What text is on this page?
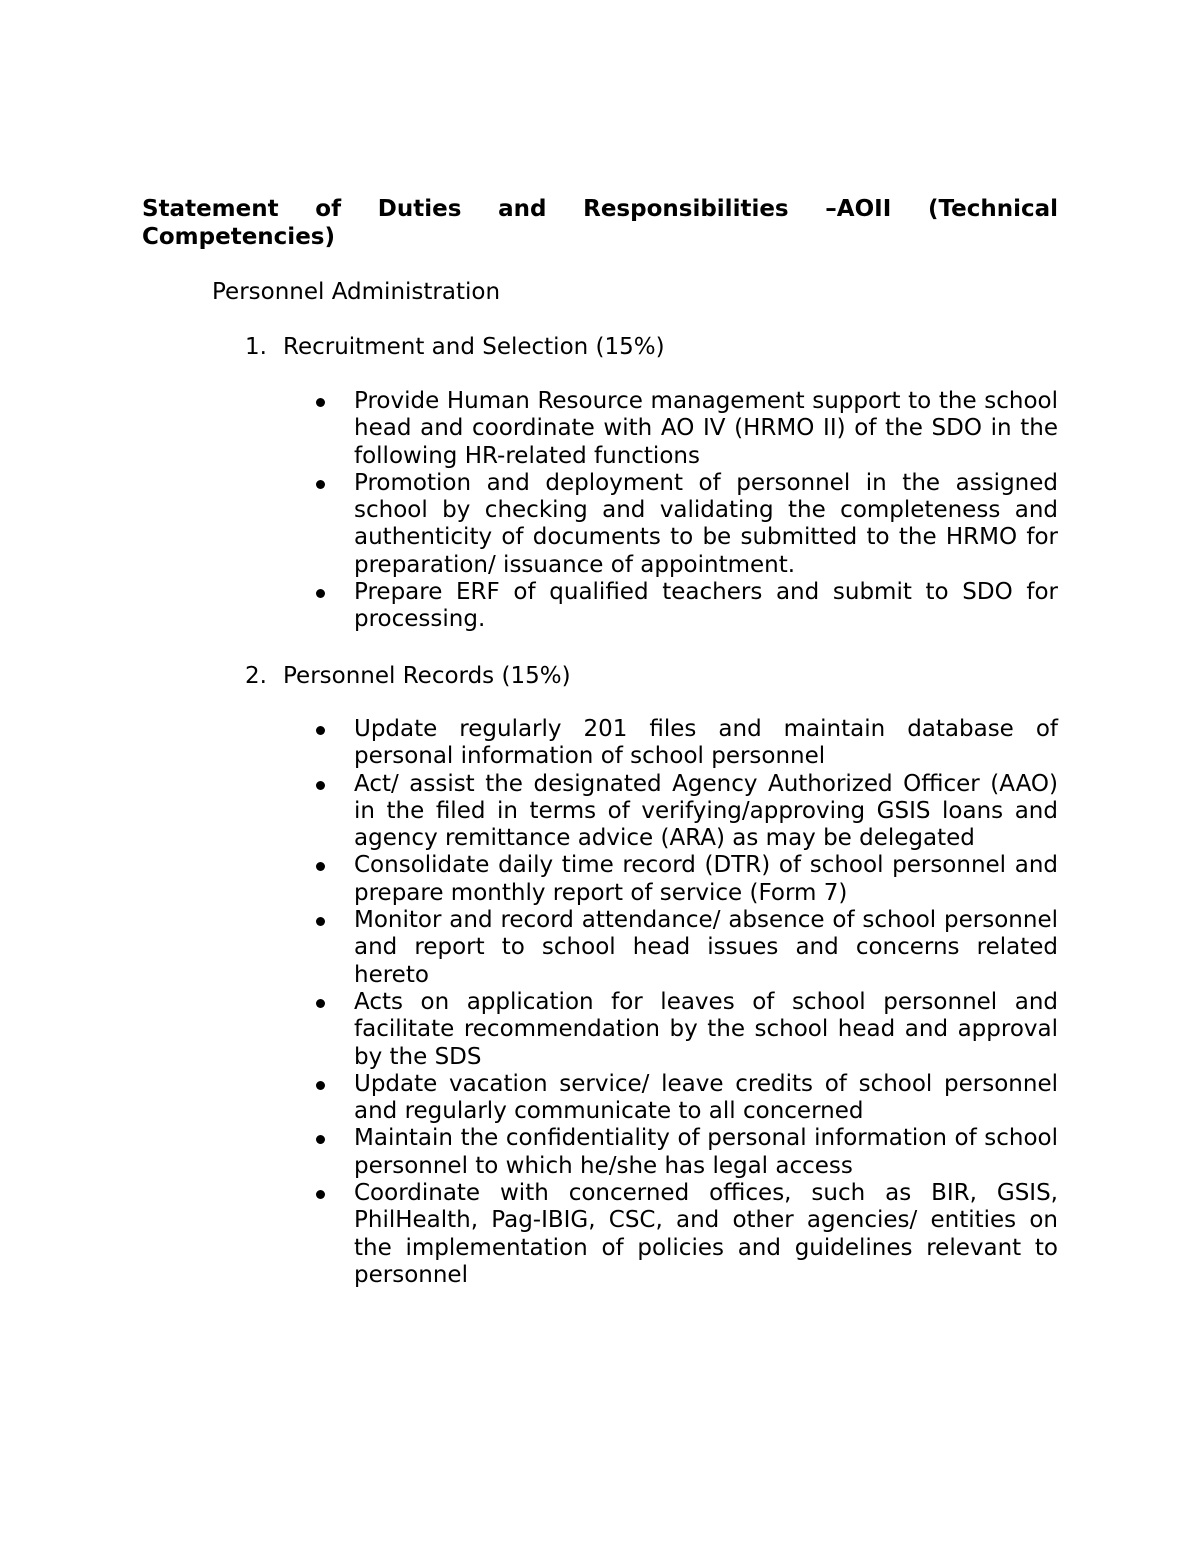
Statement of Duties and Responsibilities –AOII (Technical Competencies)

Personnel Administration

1. Recruitment and Selection (15%)

Provide Human Resource management support to the school head and coordinate with AO IV (HRMO II) of the SDO in the following HR-related functions
Promotion and deployment of personnel in the assigned school by checking and validating the completeness and authenticity of documents to be submitted to the HRMO for preparation/ issuance of appointment.
Prepare ERF of qualified teachers and submit to SDO for processing.

2. Personnel Records (15%)

Update regularly 201 files and maintain database of personal information of school personnel
Act/ assist the designated Agency Authorized Officer (AAO) in the filed in terms of verifying/approving GSIS loans and agency remittance advice (ARA) as may be delegated
Consolidate daily time record (DTR) of school personnel and prepare monthly report of service (Form 7)
Monitor and record attendance/ absence of school personnel and report to school head issues and concerns related hereto
Acts on application for leaves of school personnel and facilitate recommendation by the school head and approval by the SDS
Update vacation service/ leave credits of school personnel and regularly communicate to all concerned
Maintain the confidentiality of personal information of school personnel to which he/she has legal access
Coordinate with concerned offices, such as BIR, GSIS, PhilHealth, Pag-IBIG, CSC, and other agencies/ entities on the implementation of policies and guidelines relevant to personnel
